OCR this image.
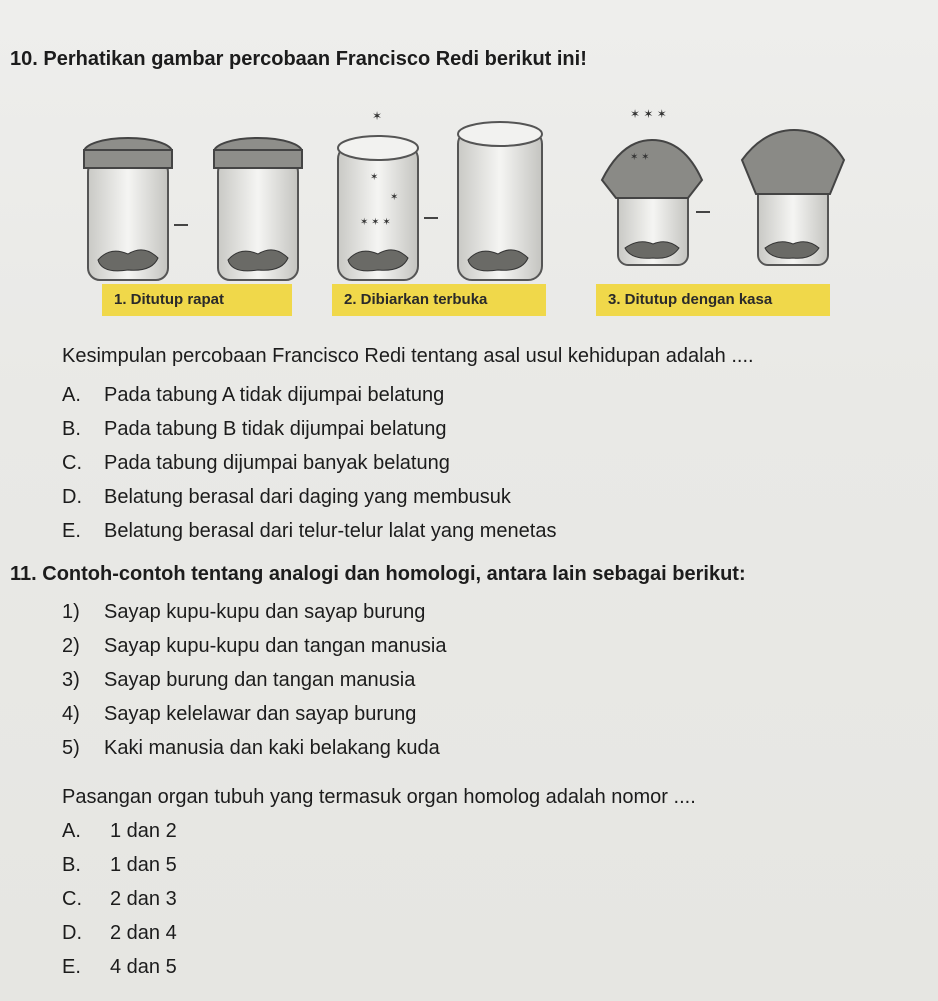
10. Perhatikan gambar percobaan Francisco Redi berikut ini!
✶
✶
✶ ✶ ✶
✶
✶ ✶
✶ ✶ ✶
1. Ditutup rapat	2. Dibiarkan terbuka	3. Ditutup dengan kasa
Kesimpulan percobaan Francisco Redi tentang asal usul kehidupan adalah ....
A. Pada tabung A tidak dijumpai belatung
B. Pada tabung B tidak dijumpai belatung
C. Pada tabung dijumpai banyak belatung
D. Belatung berasal dari daging yang membusuk
E. Belatung berasal dari telur-telur lalat yang menetas
11. Contoh-contoh tentang analogi dan homologi, antara lain sebagai berikut:
1) Sayap kupu-kupu dan sayap burung
2) Sayap kupu-kupu dan tangan manusia
3) Sayap burung dan tangan manusia
4) Sayap kelelawar dan sayap burung
5) Kaki manusia dan kaki belakang kuda
Pasangan organ tubuh yang termasuk organ homolog adalah nomor ....
A. 1 dan 2
B. 1 dan 5
C. 2 dan 3
D. 2 dan 4
E. 4 dan 5
